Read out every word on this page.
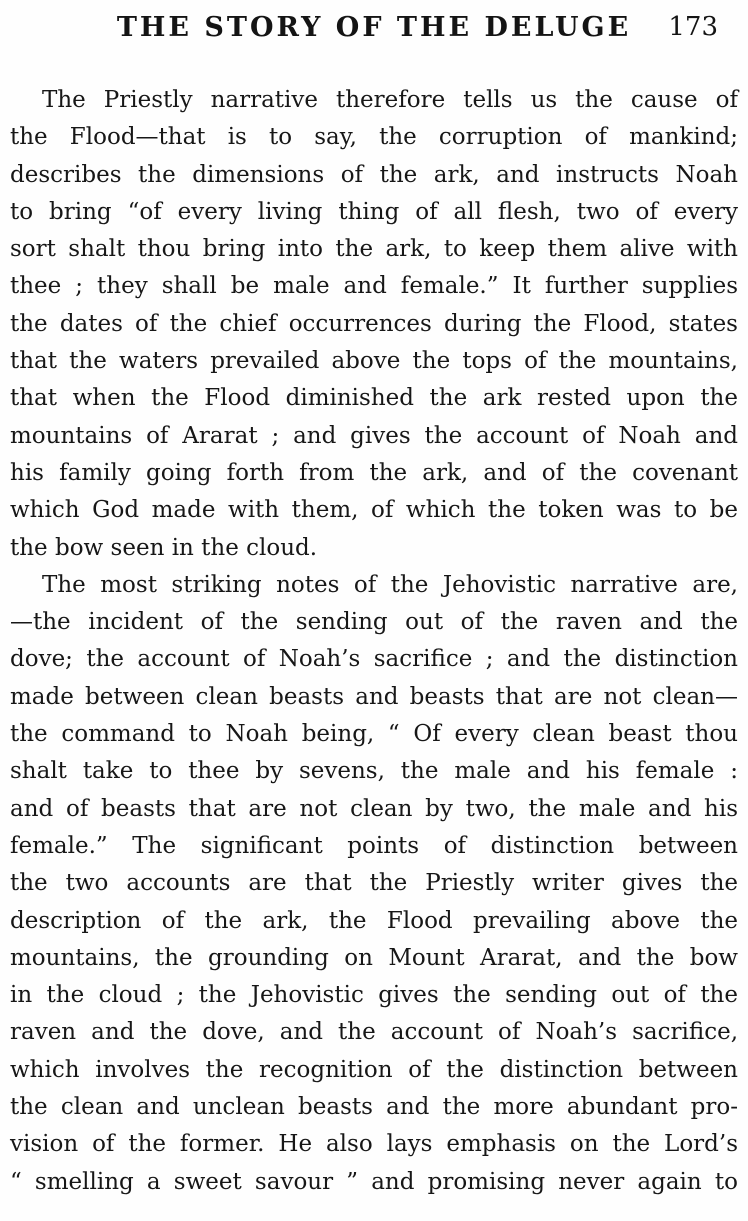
THE STORY OF THE DELUGE	173
The Priestly narrative therefore tells us the cause of
the Flood—that is to say, the corruption of mankind;
describes the dimensions of the ark, and instructs Noah
to bring “of every living thing of all flesh, two of every
sort shalt thou bring into the ark, to keep them alive with
thee ; they shall be male and female.” It further supplies
the dates of the chief occurrences during the Flood, states
that the waters prevailed above the tops of the mountains,
that when the Flood diminished the ark rested upon the
mountains of Ararat ; and gives the account of Noah and
his family going forth from the ark, and of the covenant
which God made with them, of which the token was to be
the bow seen in the cloud.
The most striking notes of the Jehovistic narrative are,
—the incident of the sending out of the raven and the
dove; the account of Noah’s sacrifice ; and the distinction
made between clean beasts and beasts that are not clean—
the command to Noah being, “ Of every clean beast thou
shalt take to thee by sevens, the male and his female :
and of beasts that are not clean by two, the male and his
female.” The significant points of distinction between
the two accounts are that the Priestly writer gives the
description of the ark, the Flood prevailing above the
mountains, the grounding on Mount Ararat, and the bow
in the cloud ; the Jehovistic gives the sending out of the
raven and the dove, and the account of Noah’s sacrifice,
which involves the recognition of the distinction between
the clean and unclean beasts and the more abundant pro-
vision of the former. He also lays emphasis on the Lord’s
“ smelling a sweet savour ” and promising never again to
